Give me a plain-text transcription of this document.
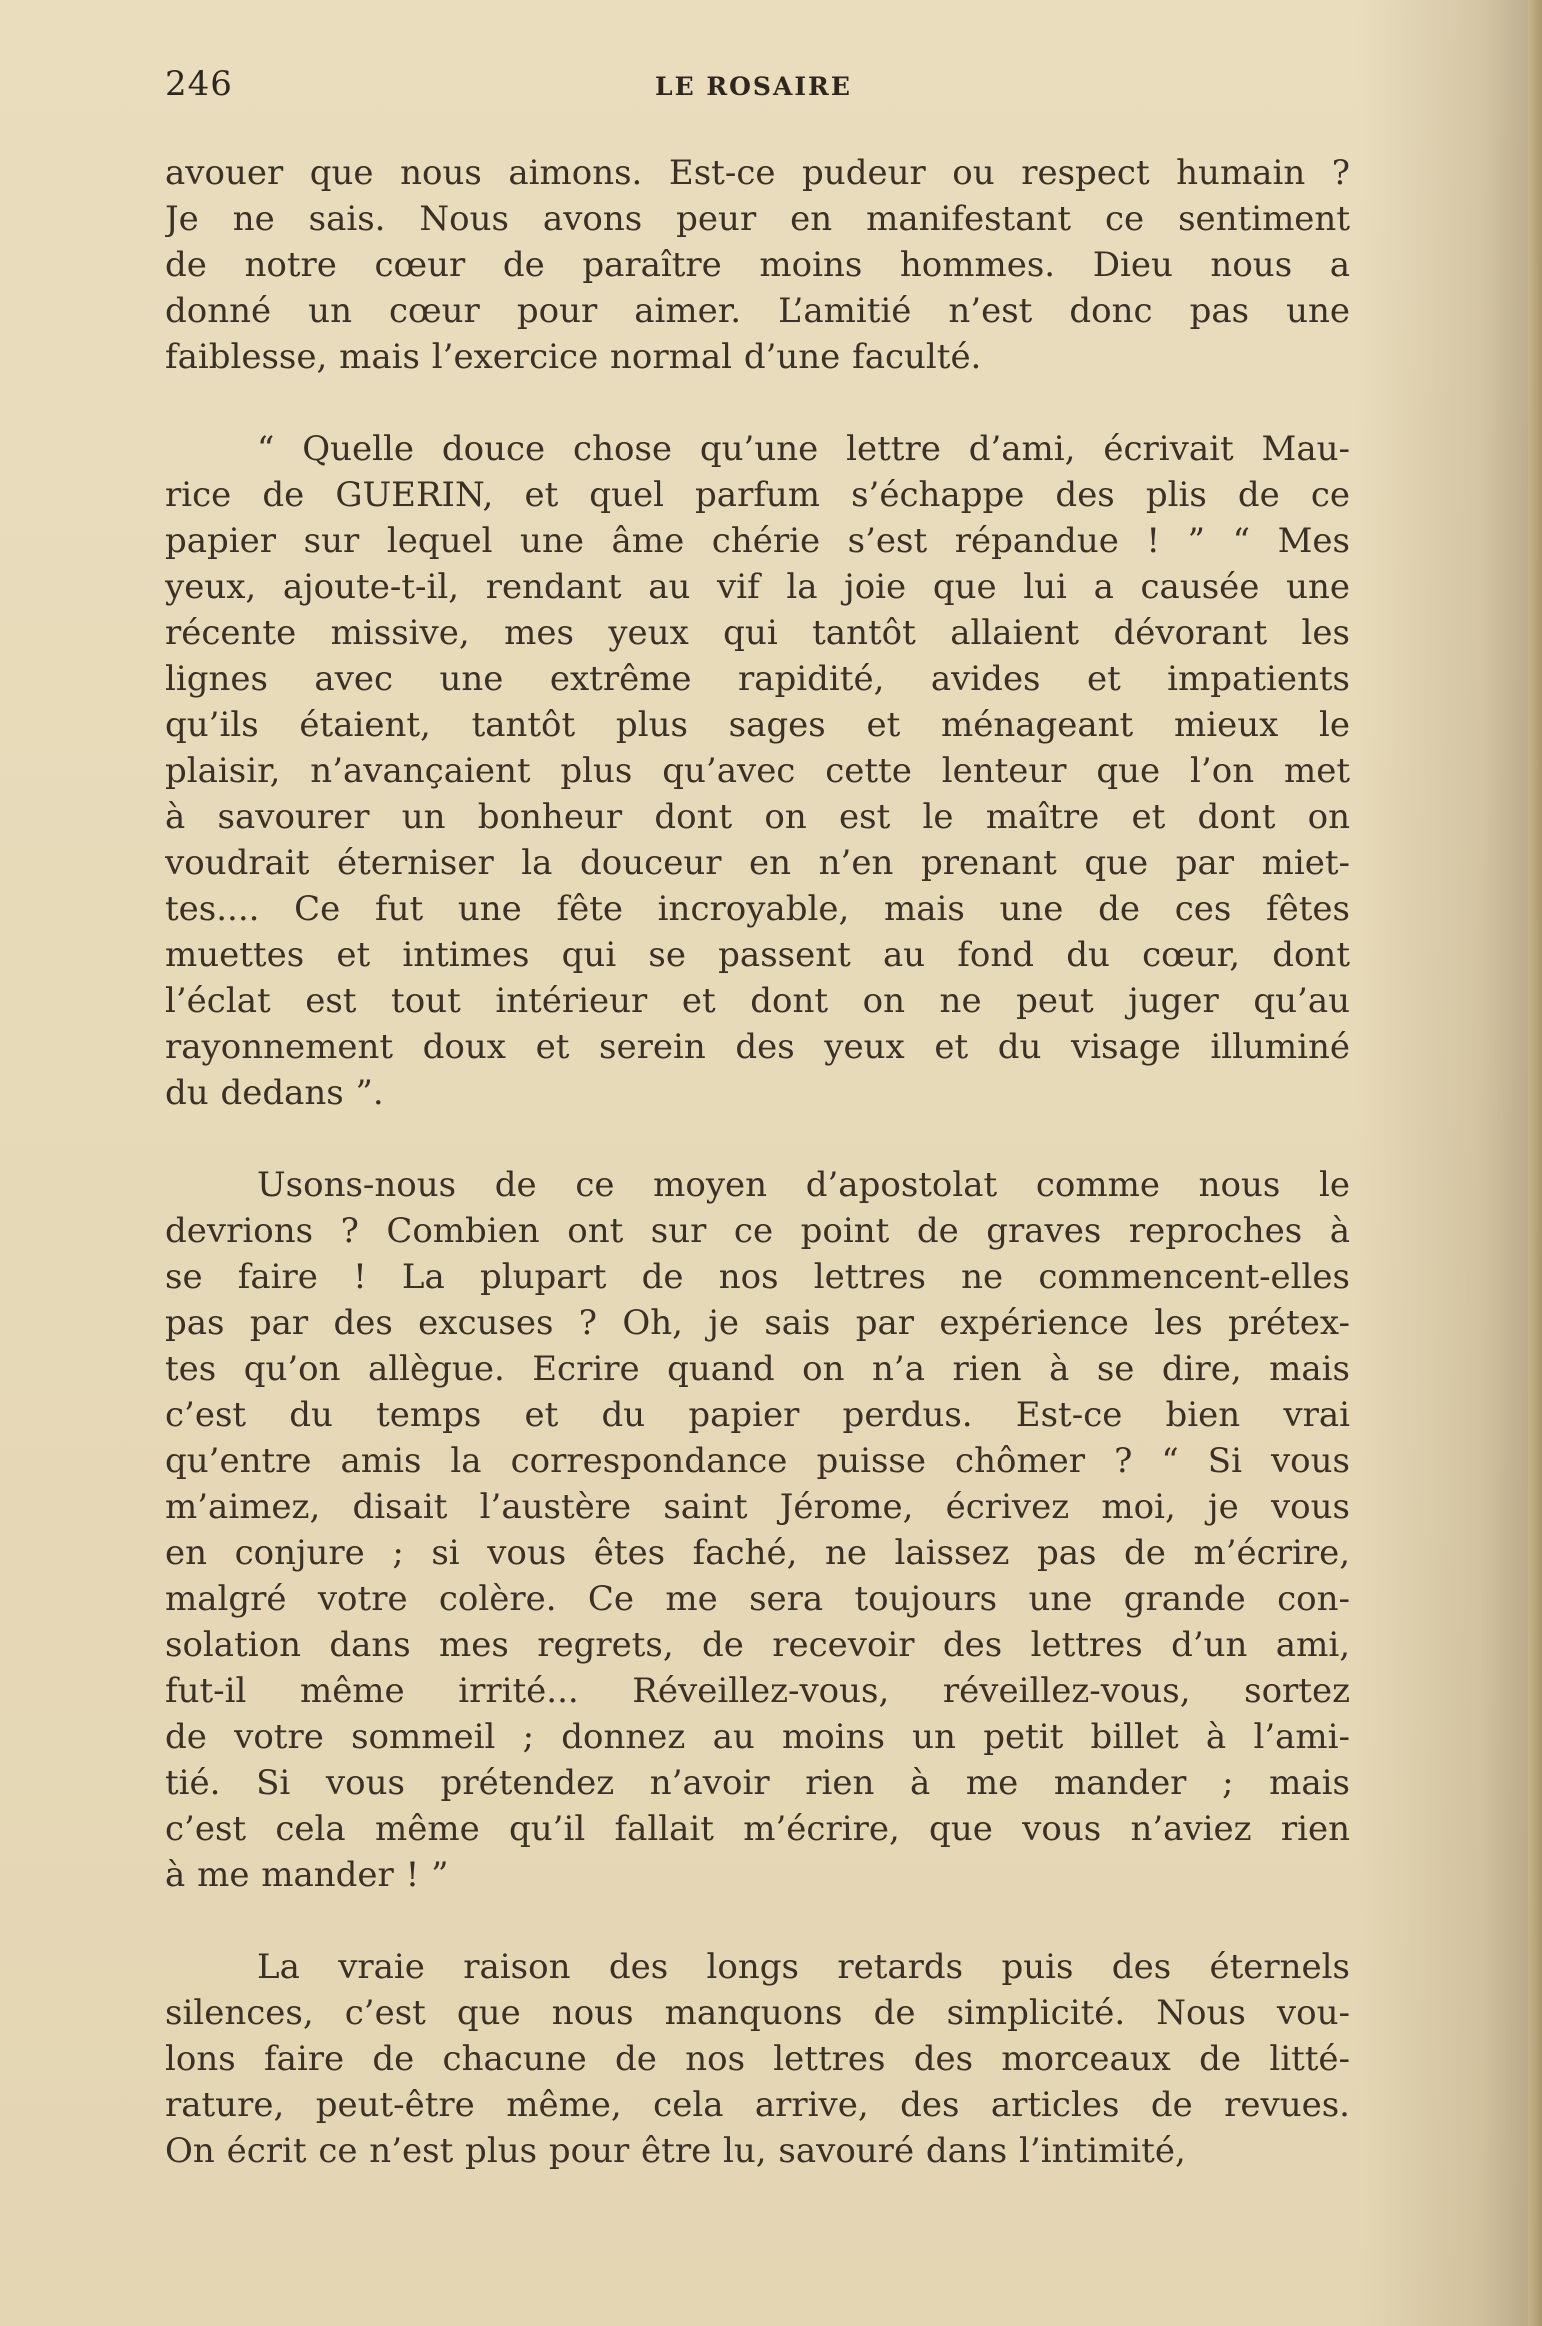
246	LE ROSAIRE
avouer que nous aimons. Est-ce pudeur ou respect humain ?
Je ne sais. Nous avons peur en manifestant ce sentiment
de notre cœur de paraître moins hommes. Dieu nous a
donné un cœur pour aimer. L’amitié n’est donc pas une
faiblesse, mais l’exercice normal d’une faculté.
“ Quelle douce chose qu’une lettre d’ami, écrivait Mau-
rice de GUERIN, et quel parfum s’échappe des plis de ce
papier sur lequel une âme chérie s’est répandue ! ” “ Mes
yeux, ajoute-t-il, rendant au vif la joie que lui a causée une
récente missive, mes yeux qui tantôt allaient dévorant les
lignes avec une extrême rapidité, avides et impatients
qu’ils étaient, tantôt plus sages et ménageant mieux le
plaisir, n’avançaient plus qu’avec cette lenteur que l’on met
à savourer un bonheur dont on est le maître et dont on
voudrait éterniser la douceur en n’en prenant que par miet-
tes.... Ce fut une fête incroyable, mais une de ces fêtes
muettes et intimes qui se passent au fond du cœur, dont
l’éclat est tout intérieur et dont on ne peut juger qu’au
rayonnement doux et serein des yeux et du visage illuminé
du dedans ”.
Usons-nous de ce moyen d’apostolat comme nous le
devrions ? Combien ont sur ce point de graves reproches à
se faire ! La plupart de nos lettres ne commencent-elles
pas par des excuses ? Oh, je sais par expérience les prétex-
tes qu’on allègue. Ecrire quand on n’a rien à se dire, mais
c’est du temps et du papier perdus. Est-ce bien vrai
qu’entre amis la correspondance puisse chômer ? “ Si vous
m’aimez, disait l’austère saint Jérome, écrivez moi, je vous
en conjure ; si vous êtes faché, ne laissez pas de m’écrire,
malgré votre colère. Ce me sera toujours une grande con-
solation dans mes regrets, de recevoir des lettres d’un ami,
fut-il même irrité... Réveillez-vous, réveillez-vous, sortez
de votre sommeil ; donnez au moins un petit billet à l’ami-
tié. Si vous prétendez n’avoir rien à me mander ; mais
c’est cela même qu’il fallait m’écrire, que vous n’aviez rien
à me mander ! ”
La vraie raison des longs retards puis des éternels
silences, c’est que nous manquons de simplicité. Nous vou-
lons faire de chacune de nos lettres des morceaux de litté-
rature, peut-être même, cela arrive, des articles de revues.
On écrit ce n’est plus pour être lu, savouré dans l’intimité,
